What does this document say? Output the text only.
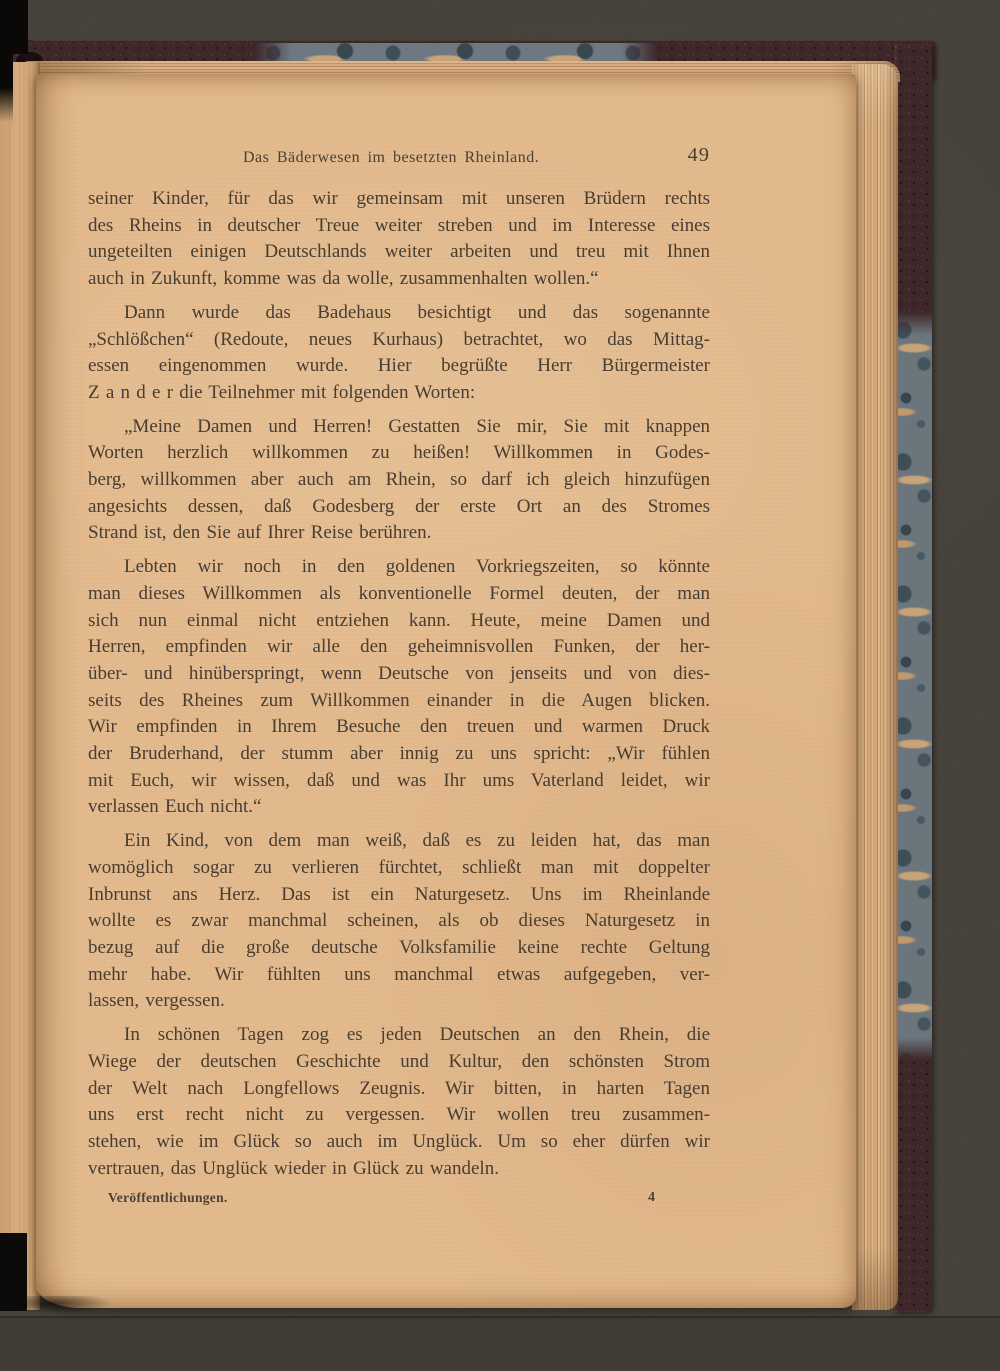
Das Bäderwesen im besetzten Rheinland.	49
seiner Kinder, für das wir gemeinsam mit unseren Brüdern rechts
des Rheins in deutscher Treue weiter streben und im Interesse eines
ungeteilten einigen Deutschlands weiter arbeiten und treu mit Ihnen
auch in Zukunft, komme was da wolle, zusammenhalten wollen.“
Dann wurde das Badehaus besichtigt und das sogenannte
„Schlößchen“ (Redoute, neues Kurhaus) betrachtet, wo das Mittag-
essen eingenommen wurde. Hier begrüßte Herr Bürgermeister
Z a n d e r die Teilnehmer mit folgenden Worten:
„Meine Damen und Herren! Gestatten Sie mir, Sie mit knappen
Worten herzlich willkommen zu heißen! Willkommen in Godes-
berg, willkommen aber auch am Rhein, so darf ich gleich hinzufügen
angesichts dessen, daß Godesberg der erste Ort an des Stromes
Strand ist, den Sie auf Ihrer Reise berühren.
Lebten wir noch in den goldenen Vorkriegszeiten, so könnte
man dieses Willkommen als konventionelle Formel deuten, der man
sich nun einmal nicht entziehen kann. Heute, meine Damen und
Herren, empfinden wir alle den geheimnisvollen Funken, der her-
über- und hinüberspringt, wenn Deutsche von jenseits und von dies-
seits des Rheines zum Willkommen einander in die Augen blicken.
Wir empfinden in Ihrem Besuche den treuen und warmen Druck
der Bruderhand, der stumm aber innig zu uns spricht: „Wir fühlen
mit Euch, wir wissen, daß und was Ihr ums Vaterland leidet, wir
verlassen Euch nicht.“
Ein Kind, von dem man weiß, daß es zu leiden hat, das man
womöglich sogar zu verlieren fürchtet, schließt man mit doppelter
Inbrunst ans Herz. Das ist ein Naturgesetz. Uns im Rheinlande
wollte es zwar manchmal scheinen, als ob dieses Naturgesetz in
bezug auf die große deutsche Volksfamilie keine rechte Geltung
mehr habe. Wir fühlten uns manchmal etwas aufgegeben, ver-
lassen, vergessen.
In schönen Tagen zog es jeden Deutschen an den Rhein, die
Wiege der deutschen Geschichte und Kultur, den schönsten Strom
der Welt nach Longfellows Zeugnis. Wir bitten, in harten Tagen
uns erst recht nicht zu vergessen. Wir wollen treu zusammen-
stehen, wie im Glück so auch im Unglück. Um so eher dürfen wir
vertrauen, das Unglück wieder in Glück zu wandeln.
Veröffentlichungen.	4
